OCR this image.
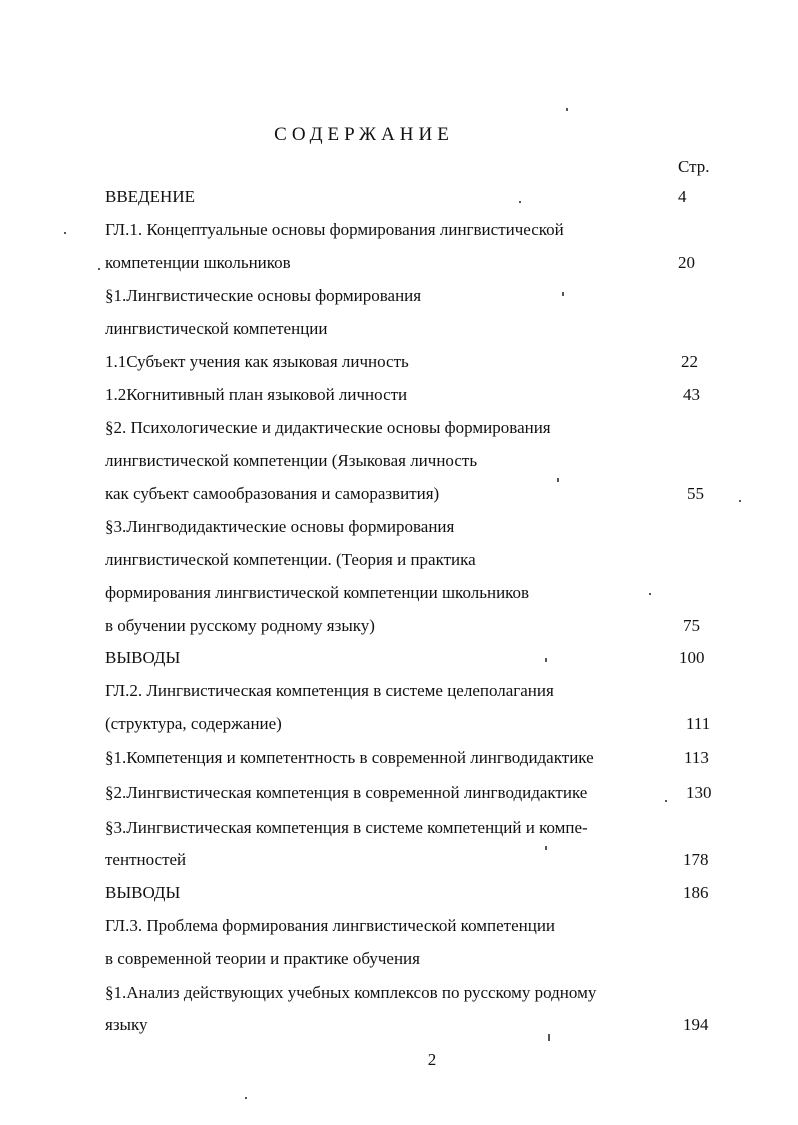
СОДЕРЖАНИЕ
Стр.
ВВЕДЕНИЕ	4
ГЛ.1. Концептуальные основы формирования лингвистической
компетенции школьников	20
§1.Лингвистические основы формирования
лингвистической компетенции
1.1Субъект учения как языковая личность	22
1.2Когнитивный план языковой личности	43
§2. Психологические и дидактические основы формирования
лингвистической компетенции (Языковая личность
как субъект самообразования и саморазвития)	55
§3.Лингводидактические основы формирования
лингвистической компетенции. (Теория и практика
формирования лингвистической компетенции школьников
в обучении русскому родному языку)	75
ВЫВОДЫ	100
ГЛ.2. Лингвистическая компетенция в системе целеполагания
(структура, содержание)	111
§1.Компетенция и компетентность в современной лингводидактике	113
§2.Лингвистическая компетенция в современной лингводидактике	130
§3.Лингвистическая компетенция в системе компетенций и компе-
тентностей	178
ВЫВОДЫ	186
ГЛ.3. Проблема формирования лингвистической компетенции
в современной теории и практике обучения
§1.Анализ действующих учебных комплексов по русскому родному
языку	194
2
